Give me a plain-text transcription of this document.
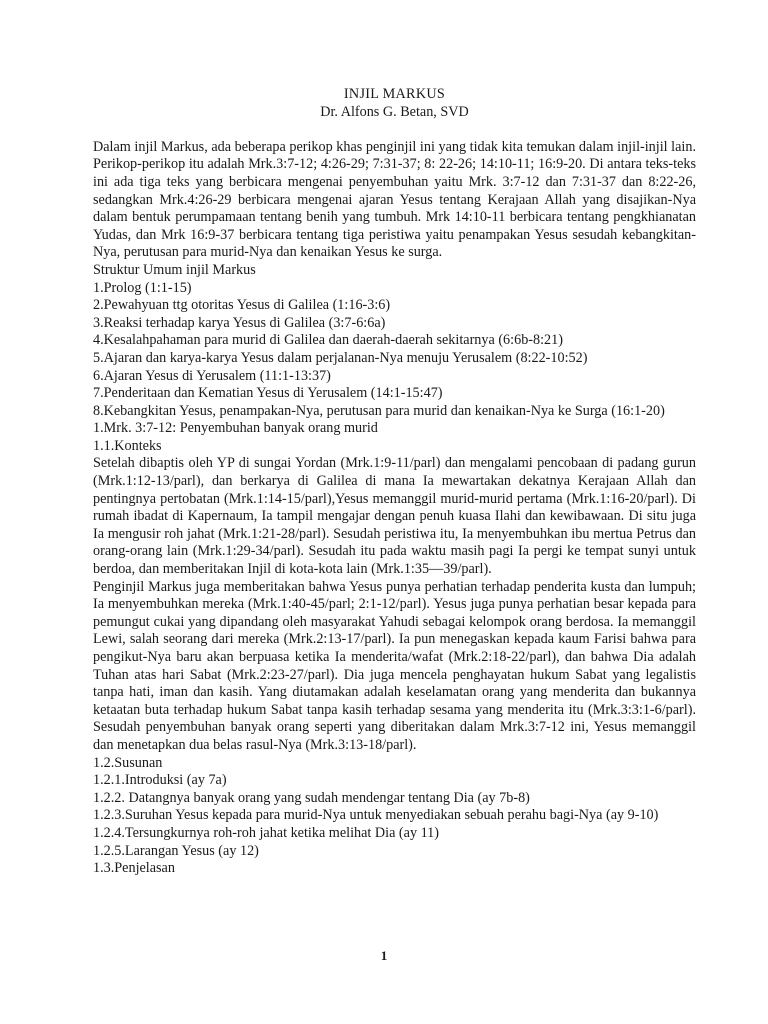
INJIL MARKUS

Dr. Alfons G. Betan, SVD

Dalam injil Markus, ada beberapa perikop khas penginjil ini yang tidak kita temukan dalam injil-injil lain. Perikop-perikop itu adalah Mrk.3:7-12; 4:26-29; 7:31-37; 8: 22-26; 14:10-11; 16:9-20. Di antara teks-teks ini ada tiga teks yang berbicara mengenai penyembuhan yaitu Mrk. 3:7-12 dan 7:31-37 dan 8:22-26, sedangkan Mrk.4:26-29 berbicara mengenai ajaran Yesus tentang Kerajaan Allah yang disajikan-Nya dalam bentuk perumpamaan tentang benih yang tumbuh. Mrk 14:10-11 berbicara tentang pengkhianatan Yudas, dan Mrk 16:9-37 berbicara tentang tiga peristiwa yaitu penampakan Yesus sesudah kebangkitan-Nya, perutusan para murid-Nya dan kenaikan Yesus ke surga.

Struktur Umum injil Markus

1.Prolog (1:1-15)

2.Pewahyuan ttg otoritas Yesus di Galilea (1:16-3:6)

3.Reaksi terhadap karya Yesus di Galilea (3:7-6:6a)

4.Kesalahpahaman para murid di Galilea dan daerah-daerah sekitarnya (6:6b-8:21)

5.Ajaran dan karya-karya Yesus dalam perjalanan-Nya menuju Yerusalem (8:22-10:52)

6.Ajaran Yesus di Yerusalem (11:1-13:37)

7.Penderitaan dan Kematian Yesus di Yerusalem (14:1-15:47)

8.Kebangkitan Yesus, penampakan-Nya, perutusan para murid dan kenaikan-Nya ke Surga (16:1-20)

1.Mrk. 3:7-12: Penyembuhan banyak orang murid

1.1.Konteks

Setelah dibaptis oleh YP di sungai Yordan (Mrk.1:9-11/parl) dan mengalami pencobaan di padang gurun (Mrk.1:12-13/parl), dan berkarya di Galilea di mana Ia mewartakan dekatnya Kerajaan Allah dan pentingnya pertobatan (Mrk.1:14-15/parl),Yesus memanggil murid-murid pertama (Mrk.1:16-20/parl). Di rumah ibadat di Kapernaum, Ia tampil mengajar dengan penuh kuasa Ilahi dan kewibawaan. Di situ juga Ia mengusir roh jahat (Mrk.1:21-28/parl). Sesudah peristiwa itu, Ia menyembuhkan ibu mertua Petrus dan orang-orang lain (Mrk.1:29-34/parl). Sesudah itu pada waktu masih pagi Ia pergi ke tempat sunyi untuk berdoa, dan memberitakan Injil di kota-kota lain (Mrk.1:35—39/parl).

Penginjil Markus juga memberitakan bahwa Yesus punya perhatian terhadap penderita kusta dan lumpuh; Ia menyembuhkan mereka (Mrk.1:40-45/parl; 2:1-12/parl). Yesus juga punya perhatian besar kepada para pemungut cukai yang dipandang oleh masyarakat Yahudi sebagai kelompok orang berdosa. Ia memanggil Lewi, salah seorang dari mereka (Mrk.2:13-17/parl). Ia pun menegaskan kepada kaum Farisi bahwa para pengikut-Nya baru akan berpuasa ketika Ia menderita/wafat (Mrk.2:18-22/parl), dan bahwa Dia adalah Tuhan atas hari Sabat (Mrk.2:23-27/parl). Dia juga mencela penghayatan hukum Sabat yang legalistis tanpa hati, iman dan kasih. Yang diutamakan adalah keselamatan orang yang menderita dan bukannya ketaatan buta terhadap hukum Sabat tanpa kasih terhadap sesama yang menderita itu (Mrk.3:3:1-6/parl). Sesudah penyembuhan banyak orang seperti yang diberitakan dalam Mrk.3:7-12 ini, Yesus memanggil dan menetapkan dua belas rasul-Nya (Mrk.3:13-18/parl).

1.2.Susunan

1.2.1.Introduksi (ay 7a)

1.2.2. Datangnya banyak orang yang sudah mendengar tentang Dia (ay 7b-8)

1.2.3.Suruhan Yesus kepada para murid-Nya untuk menyediakan sebuah perahu bagi-Nya (ay 9-10)

1.2.4.Tersungkurnya roh-roh jahat ketika melihat Dia (ay 11)

1.2.5.Larangan Yesus (ay 12)

1.3.Penjelasan

1
